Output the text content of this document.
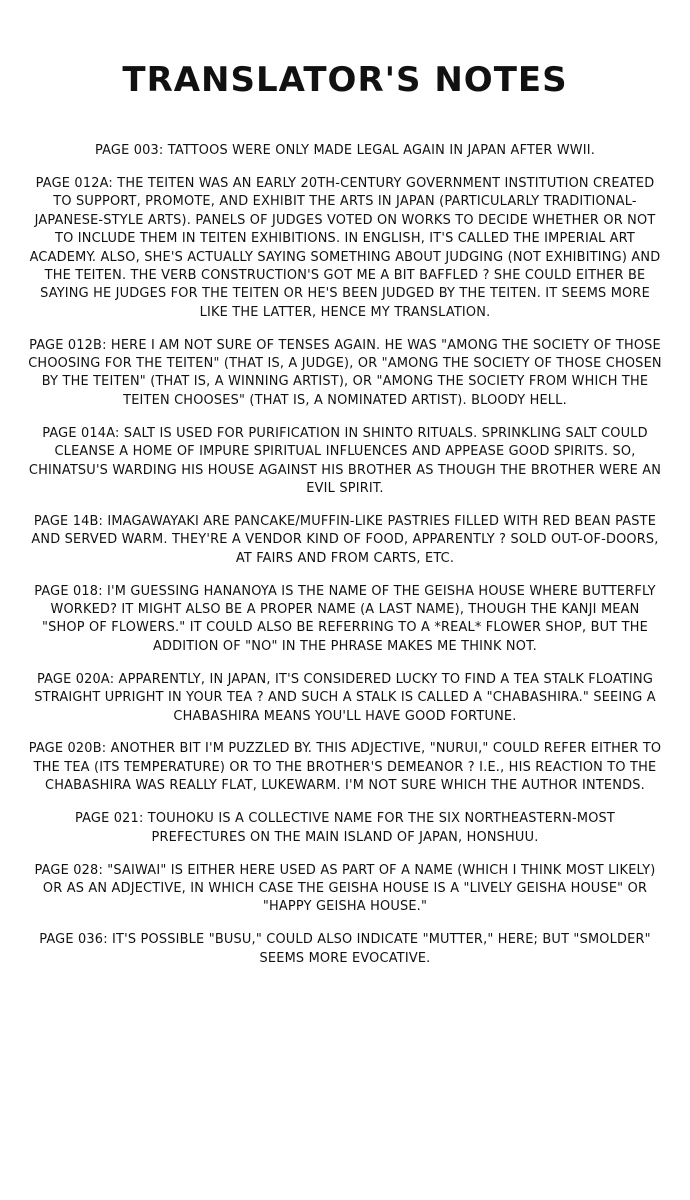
TRANSLATOR'S NOTES

PAGE 003: TATTOOS WERE ONLY MADE LEGAL AGAIN IN JAPAN AFTER WWII.

PAGE 012A: THE TEITEN WAS AN EARLY 20TH-CENTURY GOVERNMENT INSTITUTION CREATED TO SUPPORT, PROMOTE, AND EXHIBIT THE ARTS IN JAPAN (PARTICULARLY TRADITIONAL-JAPANESE-STYLE ARTS). PANELS OF JUDGES VOTED ON WORKS TO DECIDE WHETHER OR NOT TO INCLUDE THEM IN TEITEN EXHIBITIONS. IN ENGLISH, IT'S CALLED THE IMPERIAL ART ACADEMY. ALSO, SHE'S ACTUALLY SAYING SOMETHING ABOUT JUDGING (NOT EXHIBITING) AND THE TEITEN. THE VERB CONSTRUCTION'S GOT ME A BIT BAFFLED ? SHE COULD EITHER BE SAYING HE JUDGES FOR THE TEITEN OR HE'S BEEN JUDGED BY THE TEITEN. IT SEEMS MORE LIKE THE LATTER, HENCE MY TRANSLATION.

PAGE 012B: HERE I AM NOT SURE OF TENSES AGAIN. HE WAS "AMONG THE SOCIETY OF THOSE CHOOSING FOR THE TEITEN" (THAT IS, A JUDGE), OR "AMONG THE SOCIETY OF THOSE CHOSEN BY THE TEITEN" (THAT IS, A WINNING ARTIST), OR "AMONG THE SOCIETY FROM WHICH THE TEITEN CHOOSES" (THAT IS, A NOMINATED ARTIST). BLOODY HELL.

PAGE 014A: SALT IS USED FOR PURIFICATION IN SHINTO RITUALS. SPRINKLING SALT COULD CLEANSE A HOME OF IMPURE SPIRITUAL INFLUENCES AND APPEASE GOOD SPIRITS. SO, CHINATSU'S WARDING HIS HOUSE AGAINST HIS BROTHER AS THOUGH THE BROTHER WERE AN EVIL SPIRIT.

PAGE 14B: IMAGAWAYAKI ARE PANCAKE/MUFFIN-LIKE PASTRIES FILLED WITH RED BEAN PASTE AND SERVED WARM. THEY'RE A VENDOR KIND OF FOOD, APPARENTLY ? SOLD OUT-OF-DOORS, AT FAIRS AND FROM CARTS, ETC.

PAGE 018: I'M GUESSING HANANOYA IS THE NAME OF THE GEISHA HOUSE WHERE BUTTERFLY WORKED? IT MIGHT ALSO BE A PROPER NAME (A LAST NAME), THOUGH THE KANJI MEAN "SHOP OF FLOWERS." IT COULD ALSO BE REFERRING TO A *REAL* FLOWER SHOP, BUT THE ADDITION OF "NO" IN THE PHRASE MAKES ME THINK NOT.

PAGE 020A: APPARENTLY, IN JAPAN, IT'S CONSIDERED LUCKY TO FIND A TEA STALK FLOATING STRAIGHT UPRIGHT IN YOUR TEA ? AND SUCH A STALK IS CALLED A "CHABASHIRA." SEEING A CHABASHIRA MEANS YOU'LL HAVE GOOD FORTUNE.

PAGE 020B: ANOTHER BIT I'M PUZZLED BY. THIS ADJECTIVE, "NURUI," COULD REFER EITHER TO THE TEA (ITS TEMPERATURE) OR TO THE BROTHER'S DEMEANOR ? I.E., HIS REACTION TO THE CHABASHIRA WAS REALLY FLAT, LUKEWARM. I'M NOT SURE WHICH THE AUTHOR INTENDS.

PAGE 021: TOUHOKU IS A COLLECTIVE NAME FOR THE SIX NORTHEASTERN-MOST PREFECTURES ON THE MAIN ISLAND OF JAPAN, HONSHUU.

PAGE 028: "SAIWAI" IS EITHER HERE USED AS PART OF A NAME (WHICH I THINK MOST LIKELY) OR AS AN ADJECTIVE, IN WHICH CASE THE GEISHA HOUSE IS A "LIVELY GEISHA HOUSE" OR "HAPPY GEISHA HOUSE."

PAGE 036: IT'S POSSIBLE "BUSU," COULD ALSO INDICATE "MUTTER," HERE; BUT "SMOLDER" SEEMS MORE EVOCATIVE.
